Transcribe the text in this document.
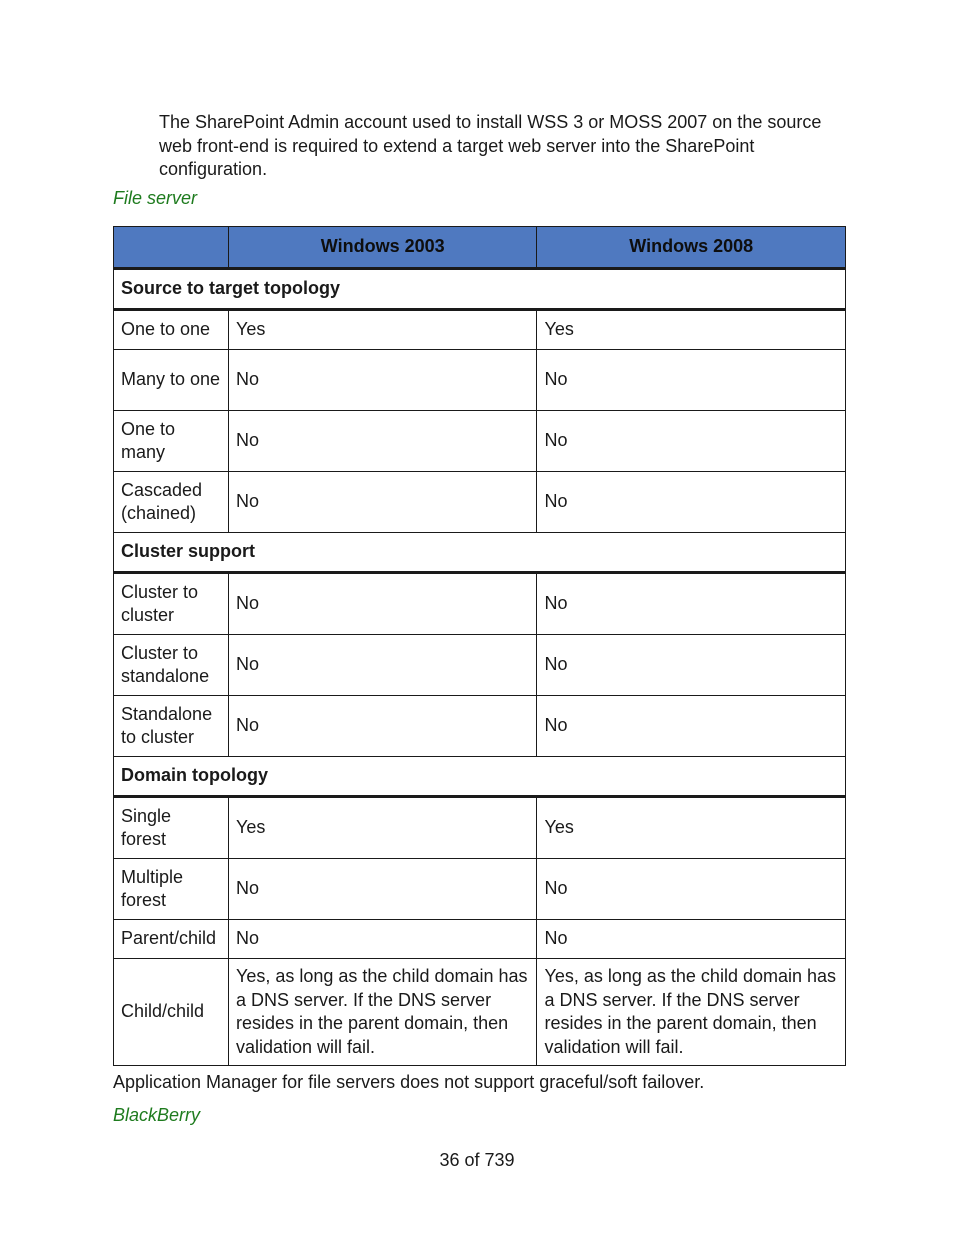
The SharePoint Admin account used to install WSS 3 or MOSS 2007 on the source web front-end is required to extend a target web server into the SharePoint configuration.

File server

	Windows 2003	Windows 2008
Source to target topology		
One to one	Yes	Yes
Many to one	No	No
One to many	No	No
Cascaded (chained)	No	No
Cluster support		
Cluster to cluster	No	No
Cluster to standalone	No	No
Standalone to cluster	No	No
Domain topology		
Single forest	Yes	Yes
Multiple forest	No	No
Parent/child	No	No
Child/child	Yes, as long as the child domain has a DNS server. If the DNS server resides in the parent domain, then validation will fail.	Yes, as long as the child domain has a DNS server. If the DNS server resides in the parent domain, then validation will fail.

Application Manager for file servers does not support graceful/soft failover.

BlackBerry

36 of 739
